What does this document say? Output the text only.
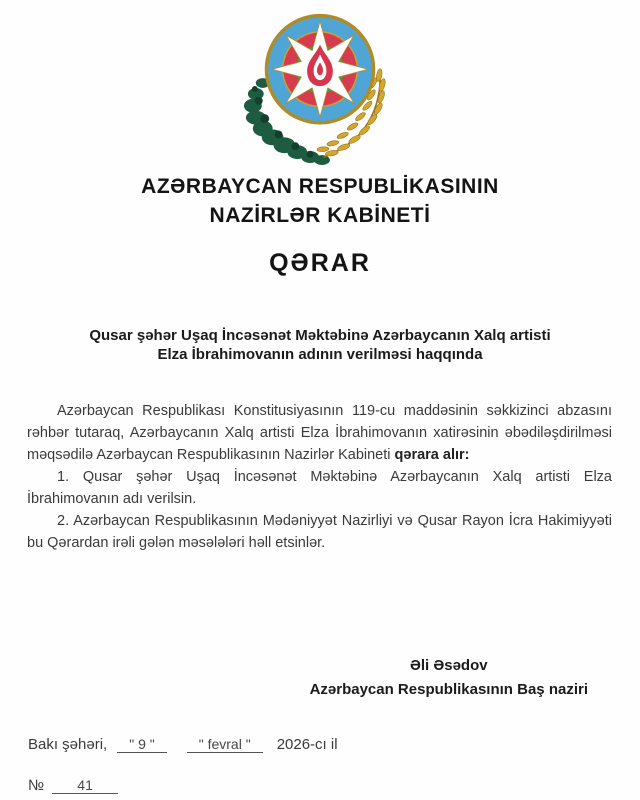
AZƏRBAYCAN RESPUBLİKASININ
NAZİRLƏR KABİNETİ
QƏRAR
Qusar şəhər Uşaq İncəsənət Məktəbinə Azərbaycanın Xalq artisti
Elza İbrahimovanın adının verilməsi haqqında

Azərbaycan Respublikası Konstitusiyasının 119-cu maddəsinin səkkizinci abzasını rəhbər tutaraq, Azərbaycanın Xalq artisti Elza İbrahimovanın xatirəsinin əbədiləşdirilməsi məqsədilə Azərbaycan Respublikasının Nazirlər Kabineti qərara alır:

1. Qusar şəhər Uşaq İncəsənət Məktəbinə Azərbaycanın Xalq artisti Elza İbrahimovanın adı verilsin.

2. Azərbaycan Respublikasının Mədəniyyət Nazirliyi və Qusar Rayon İcra Hakimiyyəti bu Qərardan irəli gələn məsələləri həll etsinlər.

Əli Əsədov
Azərbaycan Respublikasının Baş naziri
Bakı şəhəri,	" 9 "	" fevral "	2026-cı il
№	41
